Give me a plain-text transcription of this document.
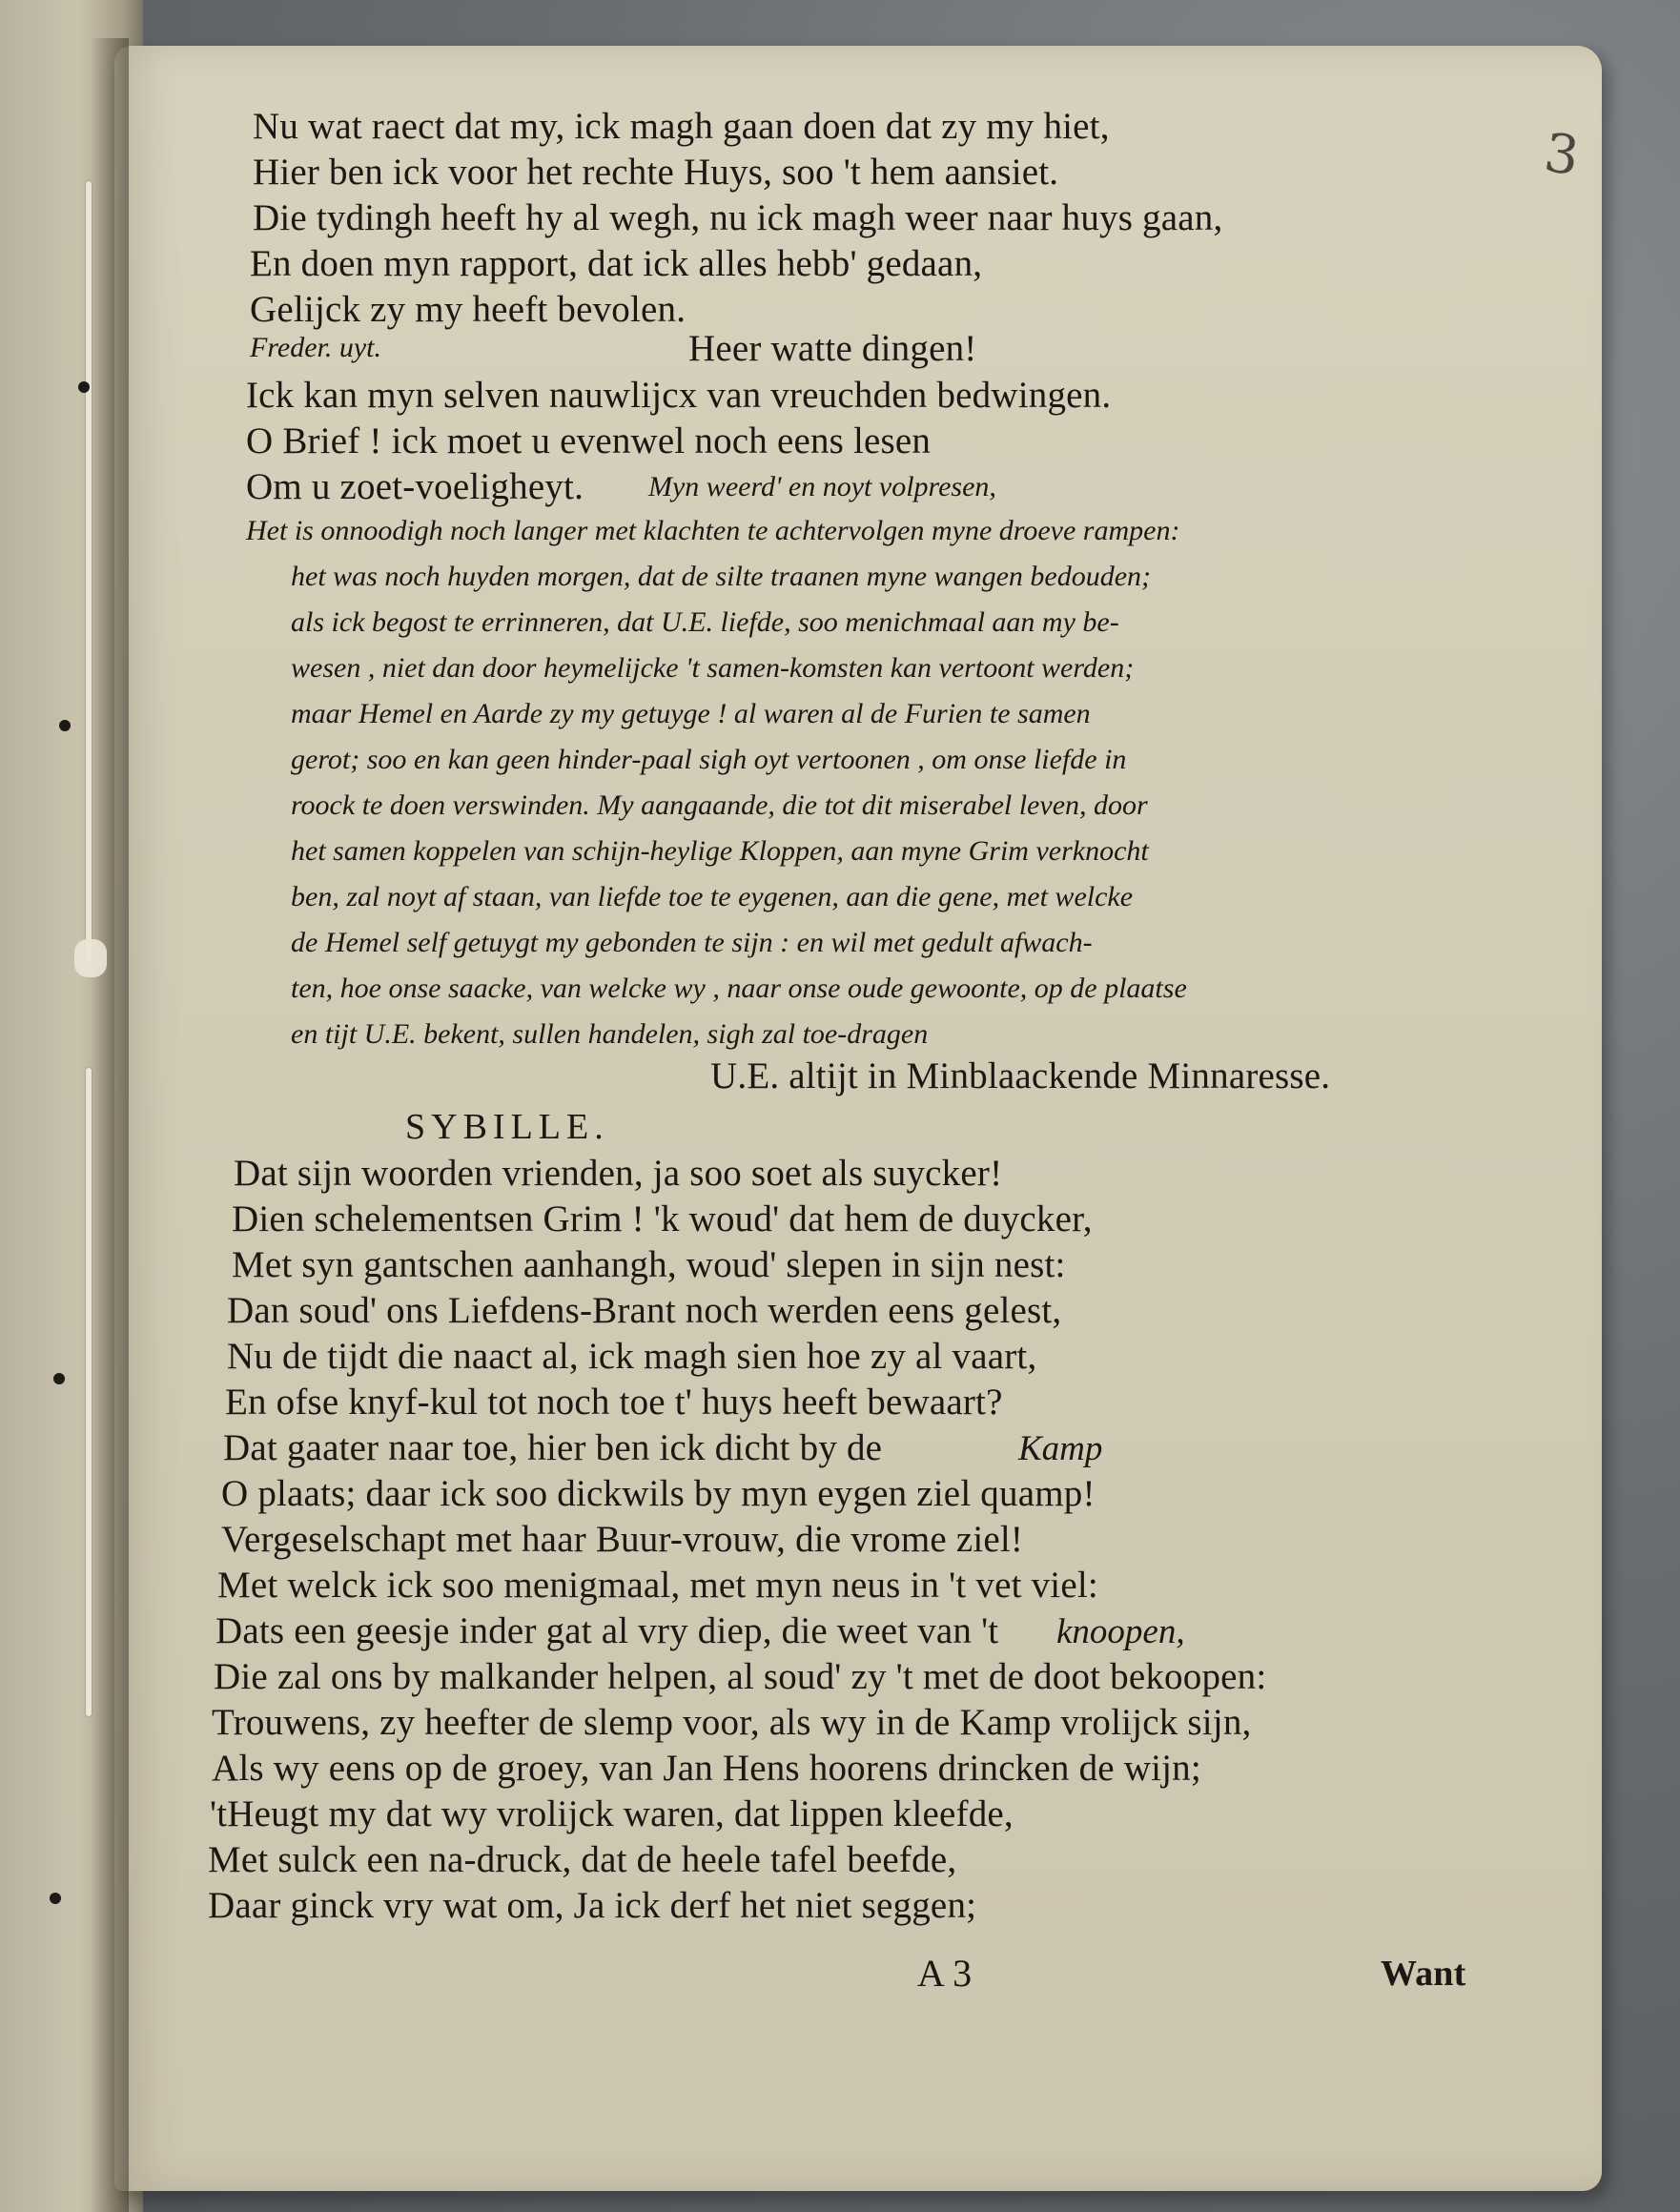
3
Nu wat raect dat my, ick magh gaan doen dat zy my hiet,
Hier ben ick voor het rechte Huys, soo 't hem aansiet.
Die tydingh heeft hy al wegh, nu ick magh weer naar huys gaan,
En doen myn rapport, dat ick alles hebb' gedaan,
Gelijck zy my heeft bevolen.
Freder. uyt.	Heer watte dingen!
Ick kan myn selven nauwlijcx van vreuchden bedwingen.
O Brief ! ick moet u evenwel noch eens lesen
Om u zoet-voeligheyt. Myn weerd' en noyt volpresen,
Het is onnoodigh noch langer met klachten te achtervolgen myne droeve rampen:
het was noch huyden morgen, dat de silte traanen myne wangen bedouden;
als ick begost te errinneren, dat U.E. liefde, soo menichmaal aan my be-
wesen , niet dan door heymelijcke 't samen-komsten kan vertoont werden;
maar Hemel en Aarde zy my getuyge ! al waren al de Furien te samen
gerot; soo en kan geen hinder-paal sigh oyt vertoonen , om onse liefde in
roock te doen verswinden. My aangaande, die tot dit miserabel leven, door
het samen koppelen van schijn-heylige Kloppen, aan myne Grim verknocht
ben, zal noyt af staan, van liefde toe te eygenen, aan die gene, met welcke
de Hemel self getuygt my gebonden te sijn : en wil met gedult afwach-
ten, hoe onse saacke, van welcke wy , naar onse oude gewoonte, op de plaatse
en tijt U.E. bekent, sullen handelen, sigh zal toe-dragen
U.E. altijt in Minblaackende Minnaresse.
SYBILLE.
Dat sijn woorden vrienden, ja soo soet als suycker!
Dien schelementsen Grim ! 'k woud' dat hem de duycker,
Met syn gantschen aanhangh, woud' slepen in sijn nest:
Dan soud' ons Liefdens-Brant noch werden eens gelest,
Nu de tijdt die naact al, ick magh sien hoe zy al vaart,
En ofse knyf-kul tot noch toe t' huys heeft bewaart?
Dat gaater naar toe, hier ben ick dicht by de	Kamp
O plaats; daar ick soo dickwils by myn eygen ziel quamp!
Vergeselschapt met haar Buur-vrouw, die vrome ziel!
Met welck ick soo menigmaal, met myn neus in 't vet viel:
Dats een geesje inder gat al vry diep, die weet van 't knoopen,
Die zal ons by malkander helpen, al soud' zy 't met de doot bekoopen:
Trouwens, zy heefter de slemp voor, als wy in de Kamp vrolijck sijn,
Als wy eens op de groey, van Jan Hens hoorens drincken de wijn;
'tHeugt my dat wy vrolijck waren, dat lippen kleefde,
Met sulck een na-druck, dat de heele tafel beefde,
Daar ginck vry wat om, Ja ick derf het niet seggen;
A 3	Want
